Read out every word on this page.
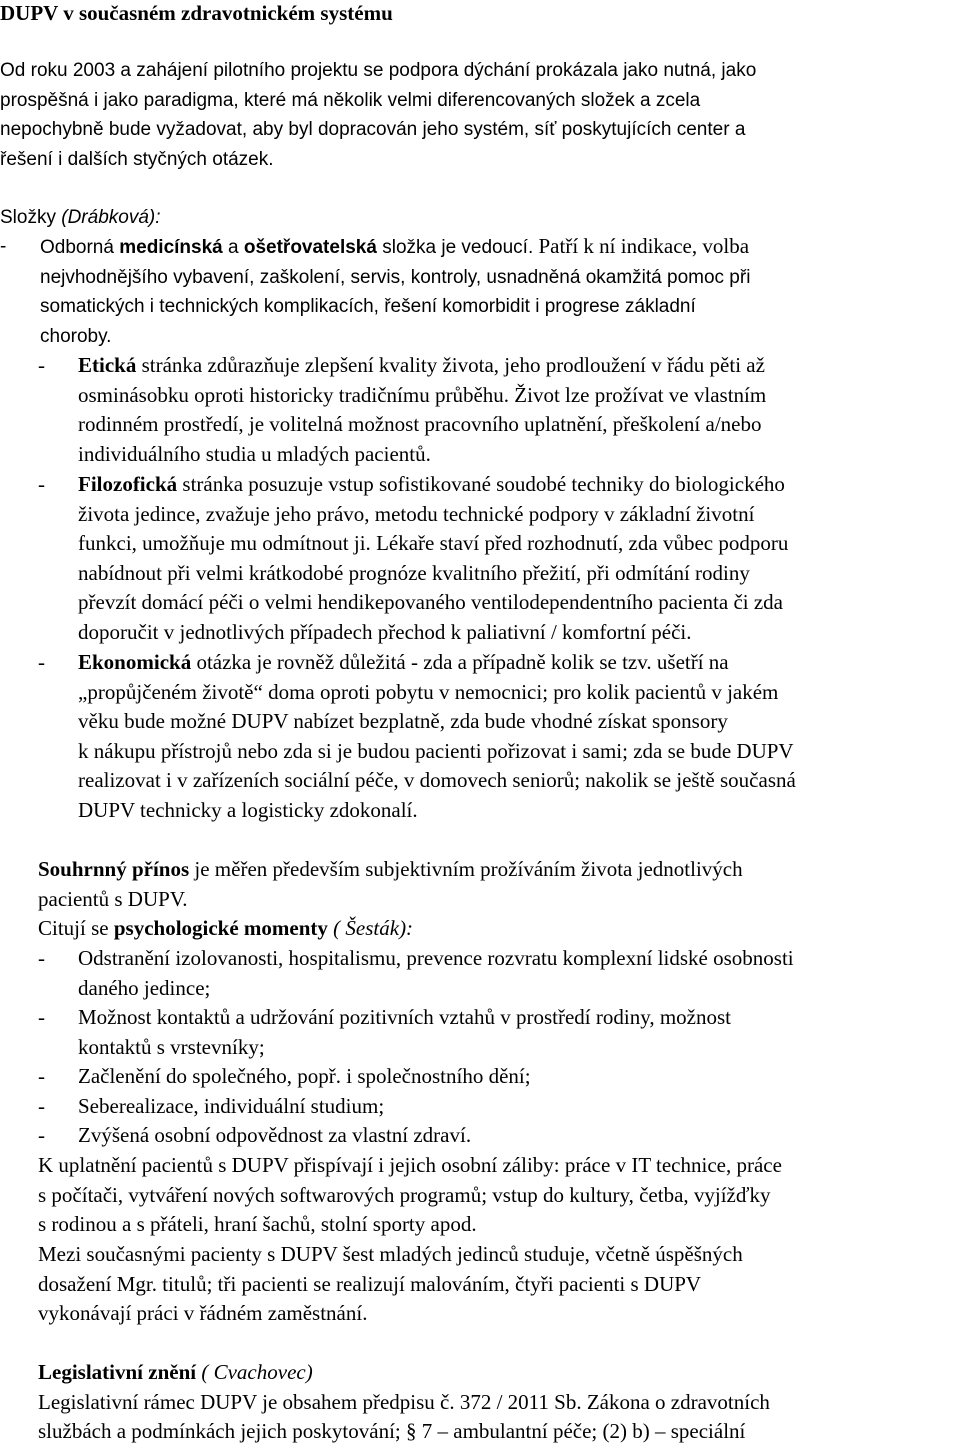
DUPV v současném zdravotnickém systému
Od roku 2003 a zahájení pilotního projektu se podpora dýchání prokázala jako nutná, jako
prospěšná i jako paradigma, které má několik velmi diferencovaných složek a zcela
nepochybně bude vyžadovat, aby byl dopracován jeho systém, síť poskytujících center a
řešení i dalších styčných otázek.
Složky (Drábková):
- Odborná medicínská a ošetřovatelská složka je vedoucí. Patří k ní indikace, volba
nejvhodnějšího vybavení, zaškolení, servis, kontroly, usnadněná okamžitá pomoc při
somatických i technických komplikacích, řešení komorbidit i progrese základní
choroby.
- Etická stránka zdůrazňuje zlepšení kvality života, jeho prodloužení v řádu pěti až
osminásobku oproti historicky tradičnímu průběhu. Život lze prožívat ve vlastním
rodinném prostředí, je volitelná možnost pracovního uplatnění, přeškolení a/nebo
individuálního studia u mladých pacientů.
- Filozofická stránka posuzuje vstup sofistikované soudobé techniky do biologického
života jedince, zvažuje jeho právo, metodu technické podpory v základní životní
funkci, umožňuje mu odmítnout ji. Lékaře staví před rozhodnutí, zda vůbec podporu
nabídnout při velmi krátkodobé prognóze kvalitního přežití, při odmítání rodiny
převzít domácí péči o velmi hendikepovaného ventilodependentního pacienta či zda
doporučit v jednotlivých případech přechod k paliativní / komfortní péči.
- Ekonomická otázka je rovněž důležitá - zda a případně kolik se tzv. ušetří na
„propůjčeném životě“ doma oproti pobytu v nemocnici; pro kolik pacientů v jakém
věku bude možné DUPV nabízet bezplatně, zda bude vhodné získat sponsory
k nákupu přístrojů nebo zda si je budou pacienti pořizovat i sami; zda se bude DUPV
realizovat i v zařízeních sociální péče, v domovech seniorů; nakolik se ještě současná
DUPV technicky a logisticky zdokonalí.
Souhrnný přínos je měřen především subjektivním prožíváním života jednotlivých
pacientů s DUPV.
Citují se psychologické momenty ( Šesták):
- Odstranění izolovanosti, hospitalismu, prevence rozvratu komplexní lidské osobnosti
daného jedince;
- Možnost kontaktů a udržování pozitivních vztahů v prostředí rodiny, možnost
kontaktů s vrstevníky;
- Začlenění do společného, popř. i společnostního dění;
- Seberealizace, individuální studium;
- Zvýšená osobní odpovědnost za vlastní zdraví.
K uplatnění pacientů s DUPV přispívají i jejich osobní záliby: práce v IT technice, práce
s počítači, vytváření nových softwarových programů; vstup do kultury, četba, vyjížďky
s rodinou a s přáteli, hraní šachů, stolní sporty apod.
Mezi současnými pacienty s DUPV šest mladých jedinců studuje, včetně úspěšných
dosažení Mgr. titulů; tři pacienti se realizují malováním, čtyři pacienti s DUPV
vykonávají práci v řádném zaměstnání.
Legislativní znění ( Cvachovec)
Legislativní rámec DUPV je obsahem předpisu č. 372 / 2011 Sb. Zákona o zdravotních
službách a podmínkách jejich poskytování; § 7 – ambulantní péče; (2) b) – speciální
